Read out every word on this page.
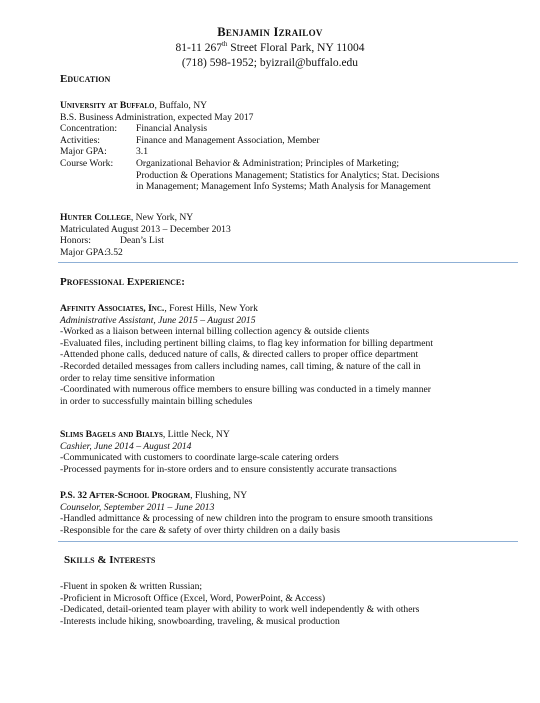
Benjamin Izrailov
81-11 267th Street Floral Park, NY 11004
(718) 598-1952; byizrail@buffalo.edu
Education
University at Buffalo, Buffalo, NY
B.S. Business Administration, expected May 2017
Concentration:	Financial Analysis
Activities:	Finance and Management Association, Member
Major GPA:	3.1
Course Work:	Organizational Behavior & Administration; Principles of Marketing;
Production & Operations Management; Statistics for Analytics; Stat. Decisions
in Management; Management Info Systems; Math Analysis for Management
Hunter College, New York, NY
Matriculated August 2013 – December 2013
Honors:	Dean’s List
Major GPA: 3.52
Professional Experience:
Affinity Associates, Inc., Forest Hills, New York
Administrative Assistant, June 2015 – August 2015
-Worked as a liaison between internal billing collection agency & outside clients
-Evaluated files, including pertinent billing claims, to flag key information for billing department
-Attended phone calls, deduced nature of calls, & directed callers to proper office department
-Recorded detailed messages from callers including names, call timing, & nature of the call in
order to relay time sensitive information
-Coordinated with numerous office members to ensure billing was conducted in a timely manner
in order to successfully maintain billing schedules
Slims Bagels and Bialys, Little Neck, NY
Cashier, June 2014 – August 2014
-Communicated with customers to coordinate large-scale catering orders
-Processed payments for in-store orders and to ensure consistently accurate transactions
P.S. 32 After-School Program, Flushing, NY
Counselor, September 2011 – June 2013
-Handled admittance & processing of new children into the program to ensure smooth transitions
-Responsible for the care & safety of over thirty children on a daily basis
Skills & Interests
-Fluent in spoken & written Russian;
-Proficient in Microsoft Office (Excel, Word, PowerPoint, & Access)
-Dedicated, detail-oriented team player with ability to work well independently & with others
-Interests include hiking, snowboarding, traveling, & musical production
